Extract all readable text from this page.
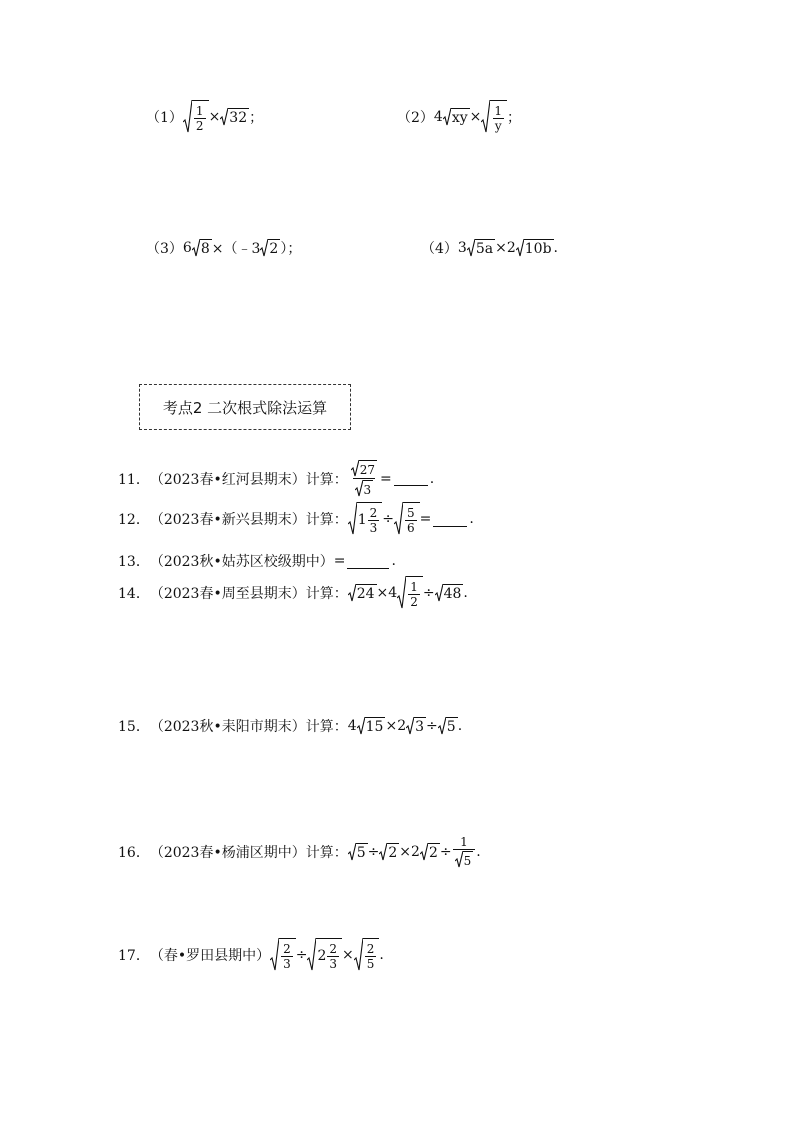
$(1) \frac{1}{2} \times 32$ ；	（2） 4 xy × $\frac{1}{y}$ ；
（3） 6 8 ×（ ﹣3 2 ）；	（4） 3 5a × 2 10b .
考点2 二次根式除法运算
11． （2023春•红河县期末）计算： $\frac{27}{3}$ =	.
12． （2023春•新兴县期末）计算： $1 \frac{2}{3} \div \frac{5}{6}$ =	.
13． （2023秋•姑苏区校级期中） =	.
14． （2023春•周至县期末）计算： $24 \times 4 \frac{1}{2} \div 48$ .
15． （2023秋•耒阳市期末）计算： 4 15 ×2 3 ÷ 5 .
16． （2023春•杨浦区期中）计算： 5 ÷ 2 ×2 $2 \div \frac{1}{5}$ .
17． （春•罗田县期中） $\frac{2}{3} \div 2 \frac{2}{3} \times \frac{2}{5}$ .
